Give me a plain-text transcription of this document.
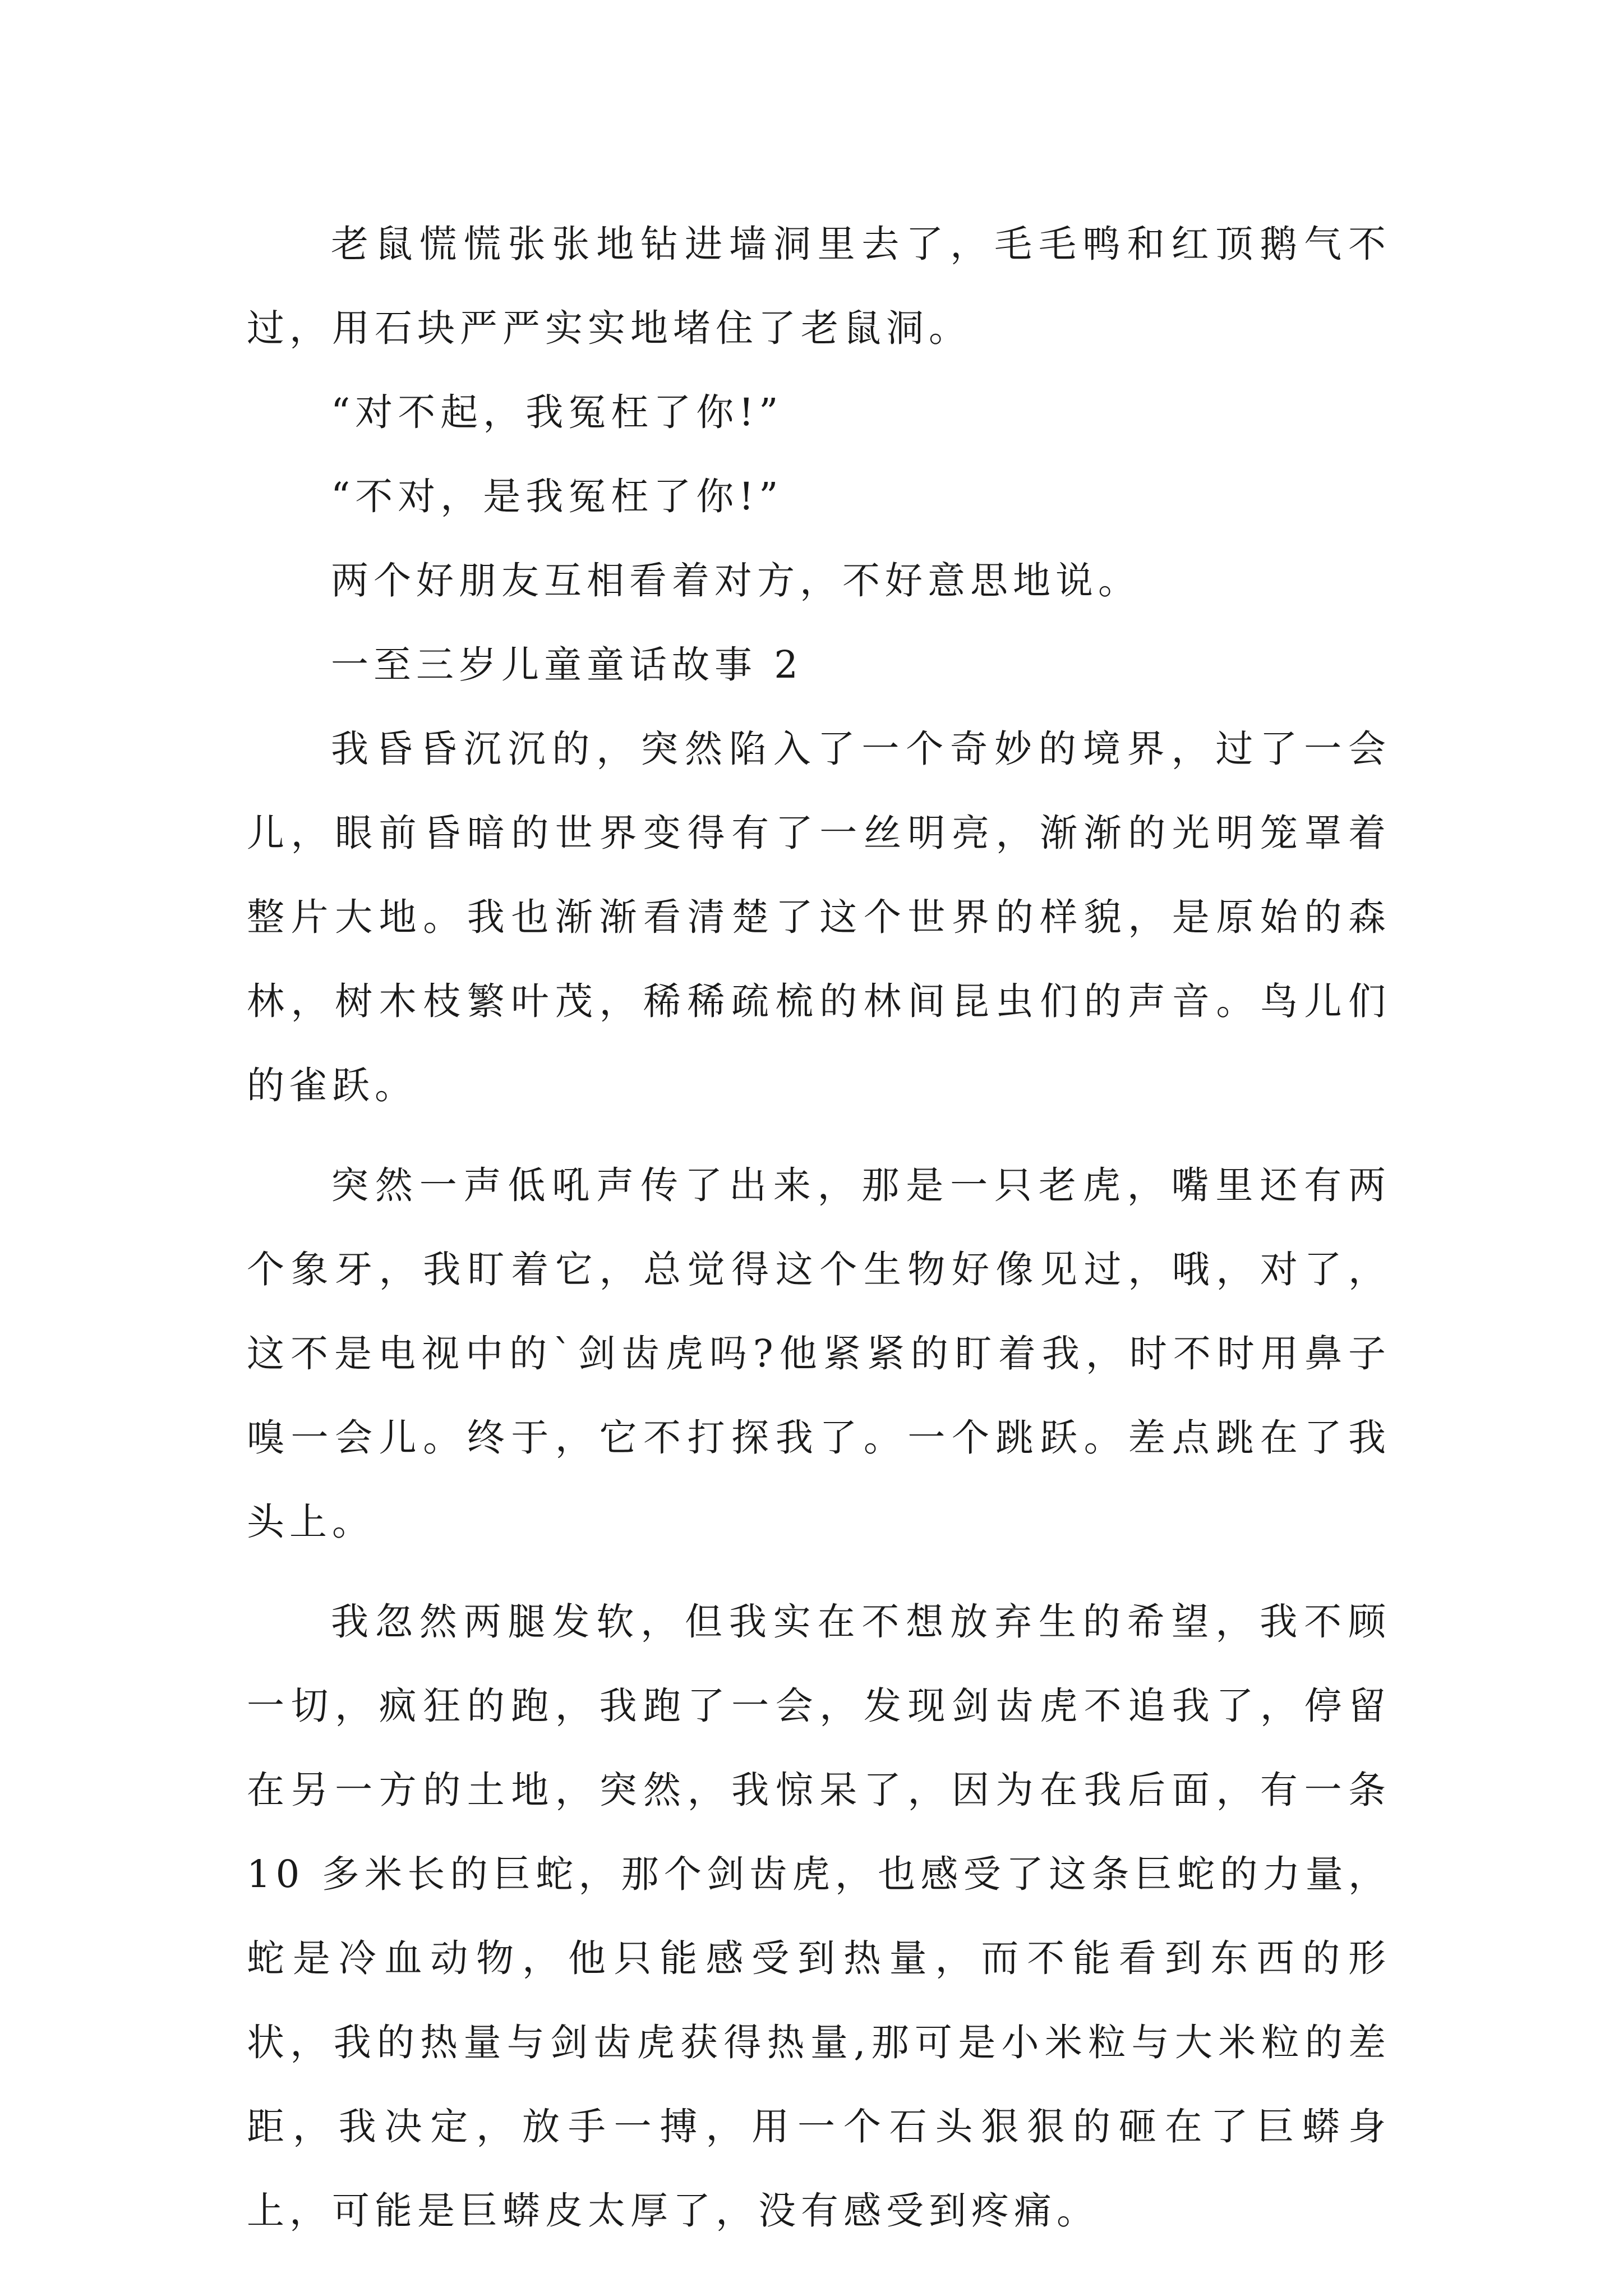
老鼠慌慌张张地钻进墙洞里去了，毛毛鸭和红顶鹅气不过，用石块严严实实地堵住了老鼠洞。

“对不起，我冤枉了你!”

“不对，是我冤枉了你!”

两个好朋友互相看着对方，不好意思地说。

一至三岁儿童童话故事 2

我昏昏沉沉的，突然陷入了一个奇妙的境界，过了一会儿，眼前昏暗的世界变得有了一丝明亮，渐渐的光明笼罩着整片大地。我也渐渐看清楚了这个世界的样貌，是原始的森林，树木枝繁叶茂，稀稀疏梳的林间昆虫们的声音。鸟儿们的雀跃。

突然一声低吼声传了出来，那是一只老虎，嘴里还有两个象牙，我盯着它，总觉得这个生物好像见过，哦，对了，这不是电视中的`剑齿虎吗?他紧紧的盯着我，时不时用鼻子嗅一会儿。终于，它不打探我了。一个跳跃。差点跳在了我头上。

我忽然两腿发软，但我实在不想放弃生的希望，我不顾一切，疯狂的跑，我跑了一会，发现剑齿虎不追我了，停留在另一方的土地，突然，我惊呆了，因为在我后面，有一条 10 多米长的巨蛇，那个剑齿虎，也感受了这条巨蛇的力量，蛇是冷血动物，他只能感受到热量，而不能看到东西的形状，我的热量与剑齿虎获得热量,那可是小米粒与大米粒的差距，我决定，放手一搏，用一个石头狠狠的砸在了巨蟒身上，可能是巨蟒皮太厚了，没有感受到疼痛。
